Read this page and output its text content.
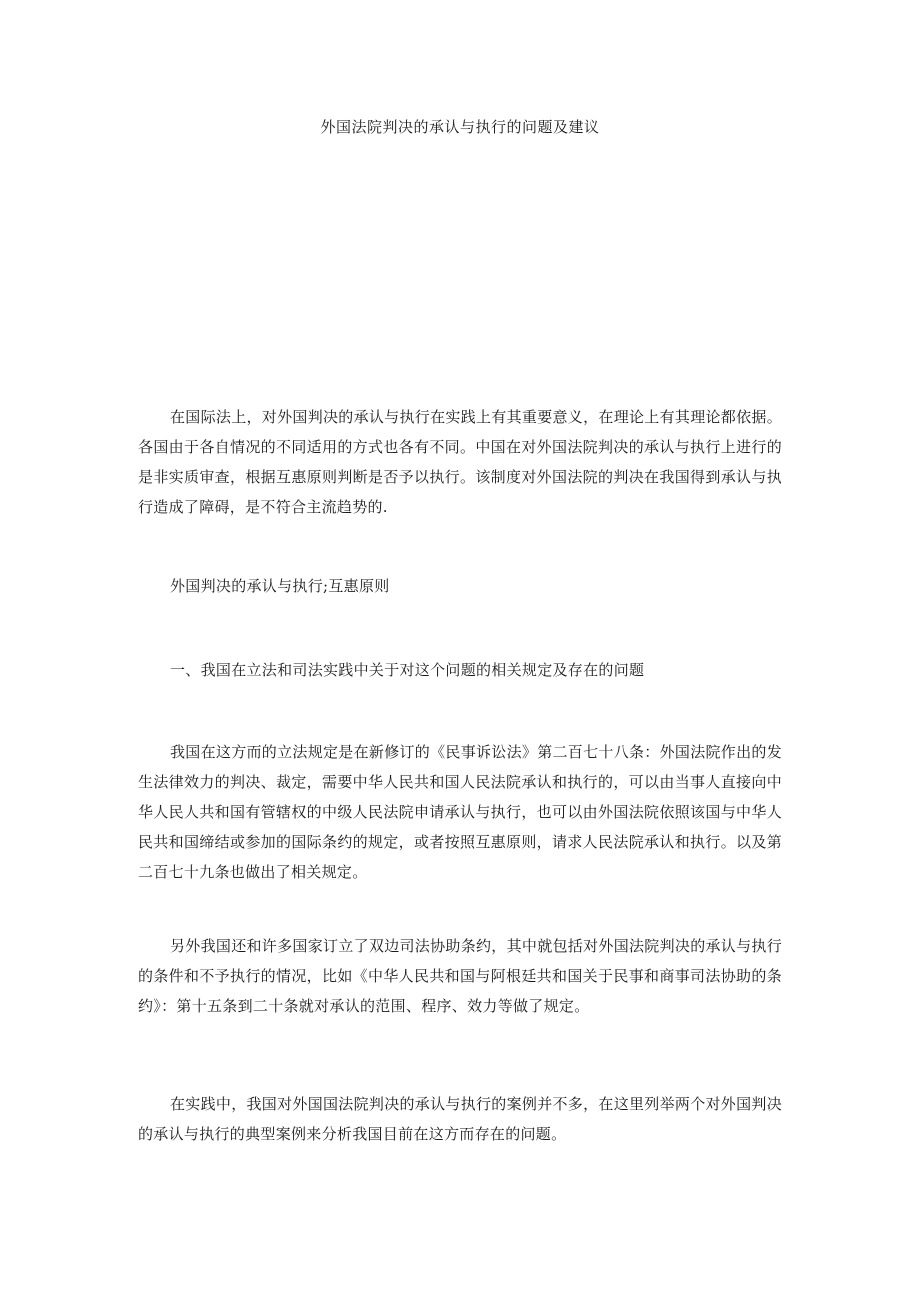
外国法院判决的承认与执行的问题及建议

在国际法上，对外国判决的承认与执行在实践上有其重要意义，在理论上有其理论都依据。各国由于各自情况的不同适用的方式也各有不同。中国在对外国法院判决的承认与执行上进行的是非实质审查，根据互惠原则判断是否予以执行。该制度对外国法院的判决在我国得到承认与执行造成了障碍，是不符合主流趋势的.

外国判决的承认与执行;互惠原则

一、我国在立法和司法实践中关于对这个问题的相关规定及存在的问题

我国在这方而的立法规定是在新修订的《民事诉讼法》第二百七十八条：外国法院作出的发生法律效力的判决、裁定，需要中华人民共和国人民法院承认和执行的，可以由当事人直接向中华人民人共和国有管辖权的中级人民法院申请承认与执行，也可以由外国法院依照该国与中华人民共和国缔结或参加的国际条约的规定，或者按照互惠原则，请求人民法院承认和执行。以及第二百七十九条也做出了相关规定。

另外我国还和许多国家订立了双边司法协助条约，其中就包括对外国法院判决的承认与执行的条件和不予执行的情况，比如《中华人民共和国与阿根廷共和国关于民事和商事司法协助的条约》：第十五条到二十条就对承认的范围、程序、效力等做了规定。

在实践中，我国对外国国法院判决的承认与执行的案例并不多，在这里列举两个对外国判决的承认与执行的典型案例来分析我国目前在这方而存在的问题。
